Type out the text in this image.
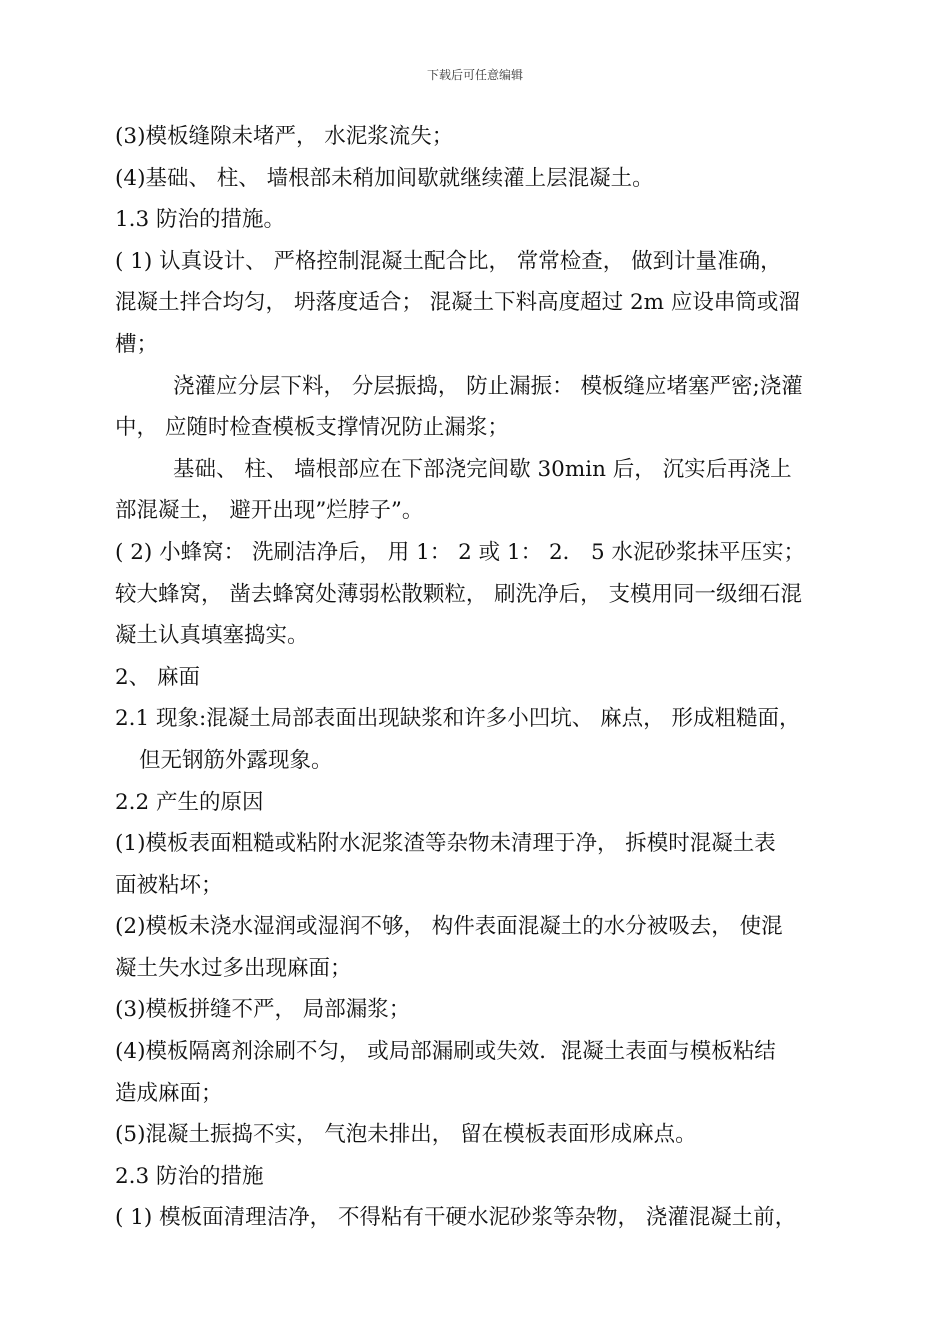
下载后可任意编辑
(3)模板缝隙未堵严， 水泥浆流失；
(4)基础、 柱、 墙根部未稍加间歇就继续灌上层混凝土。
1.3 防治的措施。
( 1) 认真设计、 严格控制混凝土配合比， 常常检查， 做到计量准确，
混凝土拌合均匀， 坍落度适合； 混凝土下料高度超过 2m 应设串筒或溜
槽；
浇灌应分层下料， 分层振捣， 防止漏振： 模板缝应堵塞严密;浇灌
中， 应随时检查模板支撑情况防止漏浆；
基础、 柱、 墙根部应在下部浇完间歇 30min 后， 沉实后再浇上
部混凝土， 避开出现”烂脖子”。
( 2) 小蜂窝： 洗刷洁净后， 用 1： 2 或 1： 2． 5 水泥砂浆抹平压实；
较大蜂窝， 凿去蜂窝处薄弱松散颗粒， 刷洗净后， 支模用同一级细石混
凝土认真填塞捣实。
2、 麻面
2.1 现象:混凝土局部表面出现缺浆和许多小凹坑、 麻点， 形成粗糙面，
但无钢筋外露现象。
2.2 产生的原因
(1)模板表面粗糙或粘附水泥浆渣等杂物未清理于净， 拆模时混凝土表
面被粘坏；
(2)模板未浇水湿润或湿润不够， 构件表面混凝土的水分被吸去， 使混
凝土失水过多出现麻面；
(3)模板拼缝不严， 局部漏浆；
(4)模板隔离剂涂刷不匀， 或局部漏刷或失效．混凝土表面与模板粘结
造成麻面；
(5)混凝土振捣不实， 气泡未排出， 留在模板表面形成麻点。
2.3 防治的措施
( 1) 模板面清理洁净， 不得粘有干硬水泥砂浆等杂物， 浇灌混凝土前，
